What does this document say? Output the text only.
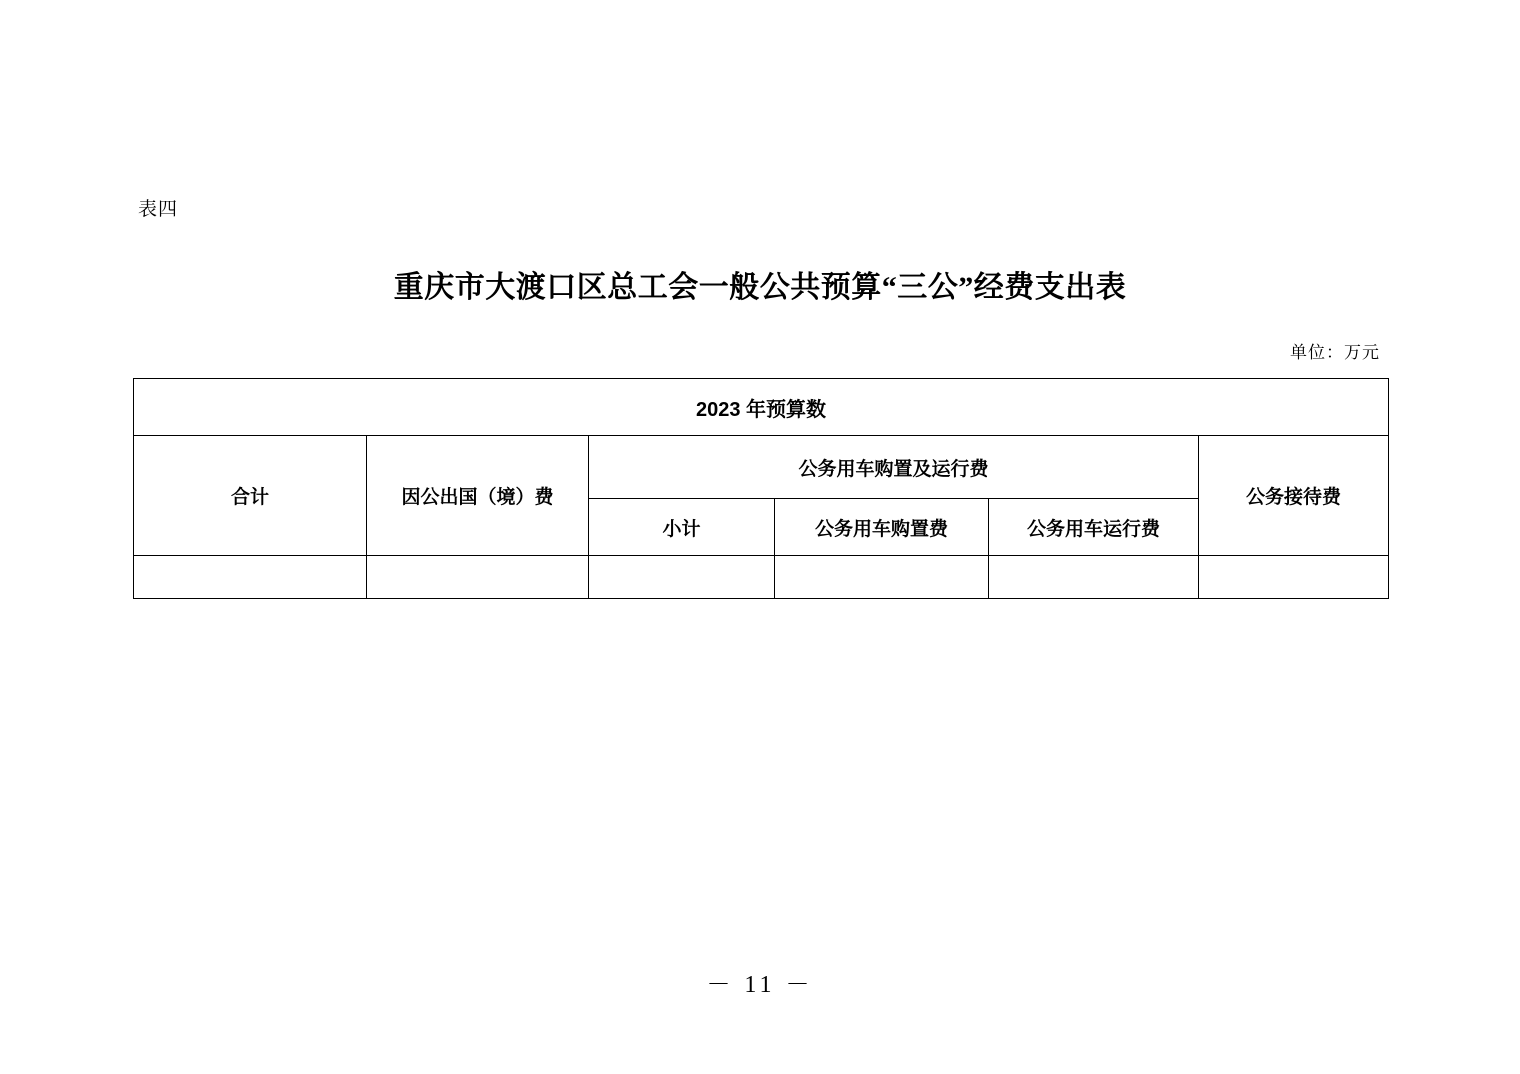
表四
重庆市大渡口区总工会一般公共预算“三公”经费支出表
单位：万元
2023 年预算数					
合计	因公出国（境）费	公务用车购置及运行费			公务接待费
		小计	公务用车购置费	公务用车运行费	

－ 11 －
